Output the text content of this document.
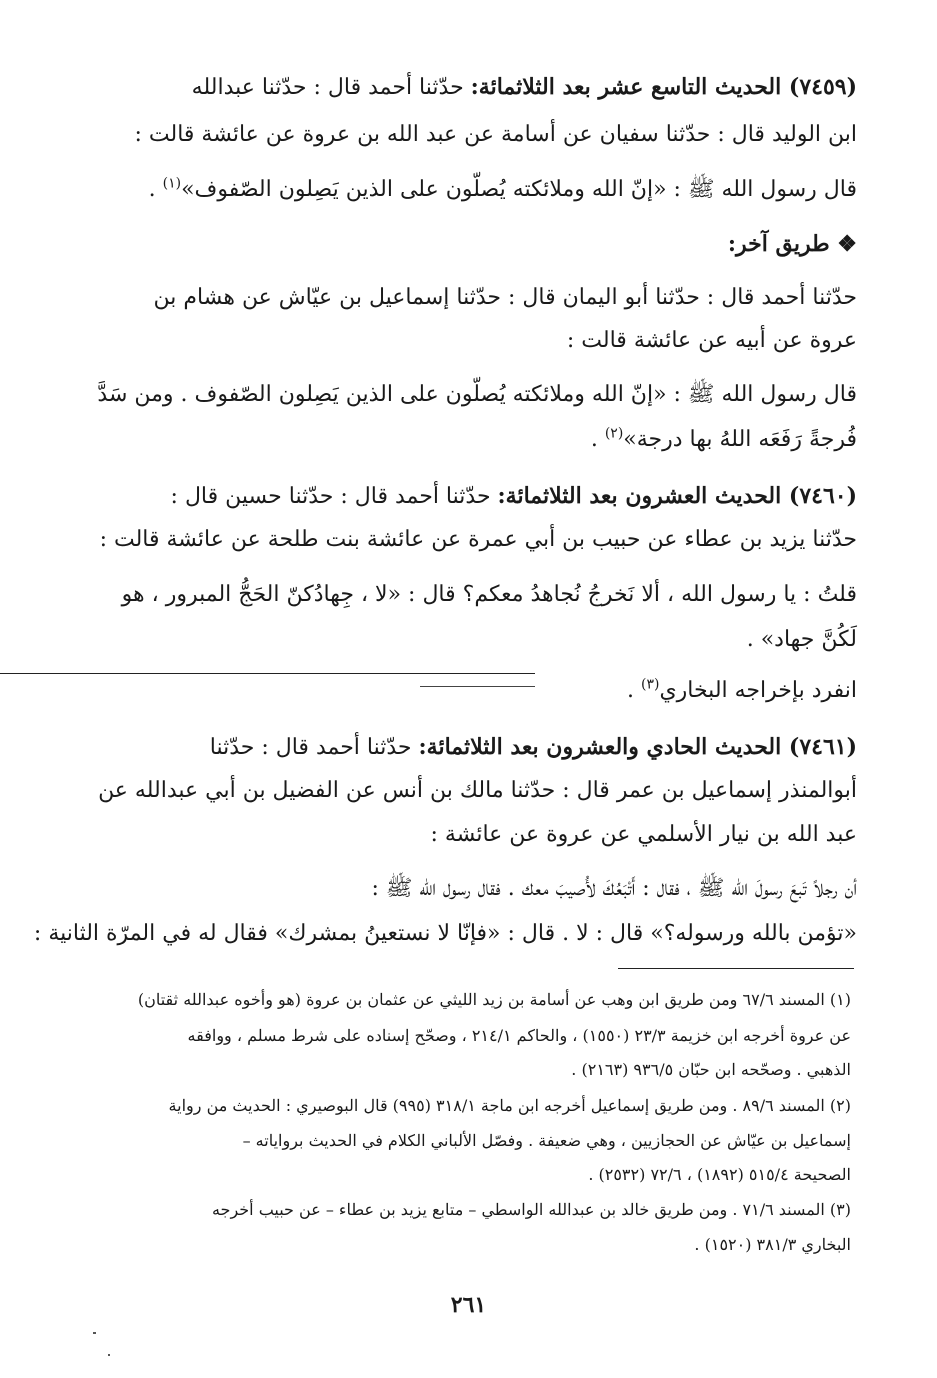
(٧٤٥٩) الحديث التاسع عشر بعد الثلاثمائة: حدّثنا أحمد قال : حدّثنا عبدالله
ابن الوليد قال : حدّثنا سفيان عن أسامة عن عبد الله بن عروة عن عائشة قالت :
قال رسول الله ﷺ : «إنّ الله وملائكته يُصلّون على الذين يَصِلون الصّفوف»$^{(١)}$ .
❖ طريق آخر:
حدّثنا أحمد قال : حدّثنا أبو اليمان قال : حدّثنا إسماعيل بن عيّاش عن هشام بن
عروة عن أبيه عن عائشة قالت :
قال رسول الله ﷺ : «إنّ الله وملائكته يُصلّون على الذين يَصِلون الصّفوف . ومن سَدَّ
فُرجةً رَفَعَه اللهُ بها درجة»$^{(٢)}$ .
(٧٤٦٠) الحديث العشرون بعد الثلاثمائة: حدّثنا أحمد قال : حدّثنا حسين قال :
حدّثنا يزيد بن عطاء عن حبيب بن أبي عمرة عن عائشة بنت طلحة عن عائشة قالت :
قلتُ : يا رسول الله ، ألا نَخرجُ نُجاهدُ معكم؟ قال : «لا ، جِهادُكنّ الحَجُّ المبرور ، هو
لَكُنَّ جهاد» .
انفرد بإخراجه البخاري$^{(٣)}$ .
(٧٤٦١) الحديث الحادي والعشرون بعد الثلاثمائة: حدّثنا أحمد قال : حدّثنا
أبوالمنذر إسماعيل بن عمر قال : حدّثنا مالك بن أنس عن الفضيل بن أبي عبدالله عن
عبد الله بن نيار الأسلمي عن عروة عن عائشة :
أن رجلاً تَبعَ رسولَ الله ﷺ ، فقال : أَتْبَعُكَ لأُصيبَ معك . فقال رسول الله ﷺ :
«تؤمن بالله ورسوله؟» قال : لا . قال : «فإنّا لا نستعينُ بمشرك» فقال له في المرّة الثانية :
(١) المسند ٦٧/٦ ومن طريق ابن وهب عن أسامة بن زيد الليثي عن عثمان بن عروة (هو وأخوه عبدالله ثقتان)
عن عروة أخرجه ابن خزيمة ٢٣/٣ (١٥٥٠) ، والحاكم ٢١٤/١ ، وصحّح إسناده على شرط مسلم ، ووافقه
الذهبي . وصحّحه ابن حبّان ٩٣٦/٥ (٢١٦٣) .
(٢) المسند ٨٩/٦ . ومن طريق إسماعيل أخرجه ابن ماجة ٣١٨/١ (٩٩٥) قال البوصيري : الحديث من رواية
إسماعيل بن عيّاش عن الحجازيين ، وهي ضعيفة . وفصّل الألباني الكلام في الحديث برواياته –
الصحيحة ٥١٥/٤ (١٨٩٢) ، ٧٢/٦ (٢٥٣٢) .
(٣) المسند ٧١/٦ . ومن طريق خالد بن عبدالله الواسطي – متابع يزيد بن عطاء – عن حبيب أخرجه
البخاري ٣٨١/٣ (١٥٢٠) .
٢٦١
